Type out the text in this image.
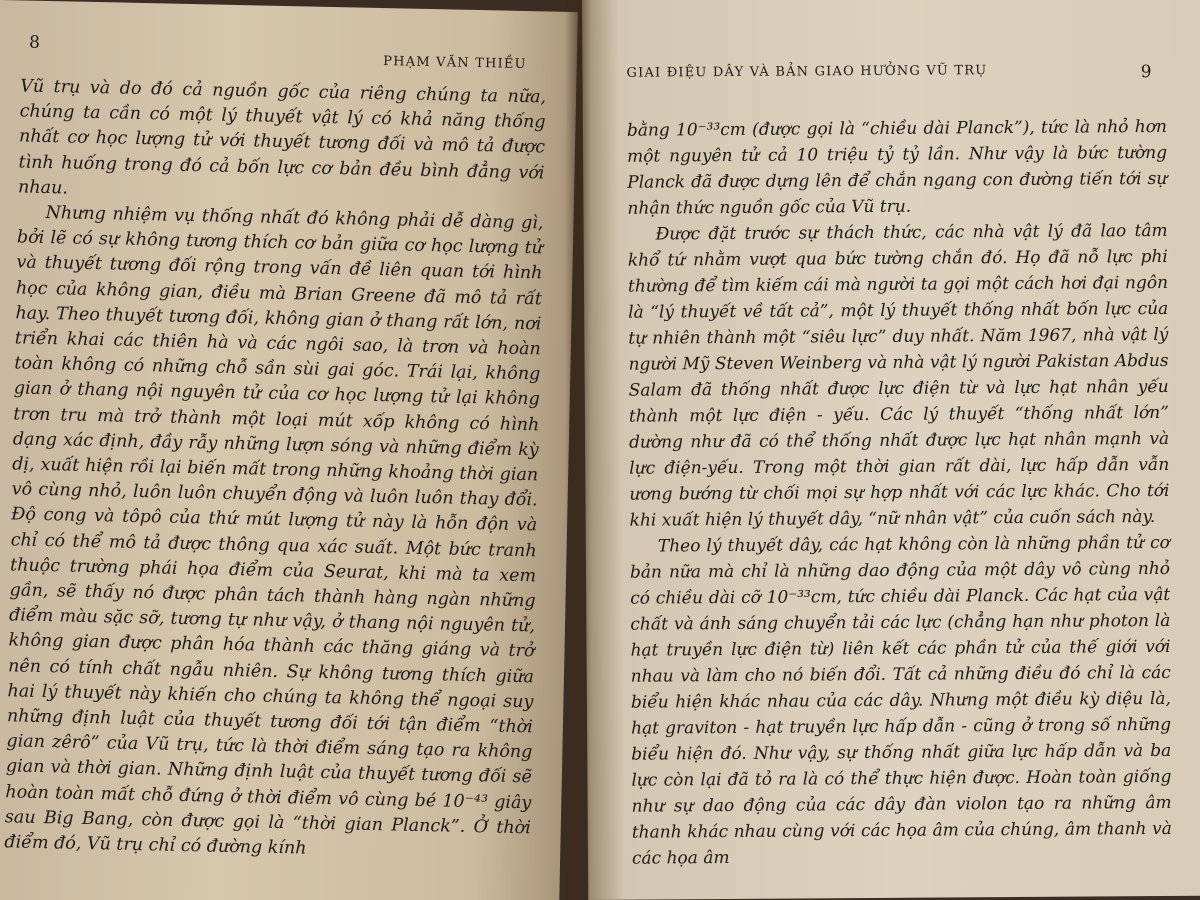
8
PHẠM VĂN THIỀU

Vũ trụ và do đó cả nguồn gốc của riêng chúng ta nữa, chúng ta cần có một lý thuyết vật lý có khả năng thống nhất cơ học lượng tử với thuyết tương đối và mô tả được tình huống trong đó cả bốn lực cơ bản đều bình đẳng với nhau.

Nhưng nhiệm vụ thống nhất đó không phải dễ dàng gì, bởi lẽ có sự không tương thích cơ bản giữa cơ học lượng tử và thuyết tương đối rộng trong vấn đề liên quan tới hình học của không gian, điều mà Brian Greene đã mô tả rất hay. Theo thuyết tương đối, không gian ở thang rất lớn, nơi triển khai các thiên hà và các ngôi sao, là trơn và hoàn toàn không có những chỗ sần sùi gai góc. Trái lại, không gian ở thang nội nguyên tử của cơ học lượng tử lại không trơn tru mà trở thành một loại mút xốp không có hình dạng xác định, đầy rẫy những lượn sóng và những điểm kỳ dị, xuất hiện rồi lại biến mất trong những khoảng thời gian vô cùng nhỏ, luôn luôn chuyển động và luôn luôn thay đổi. Độ cong và tôpô của thứ mút lượng tử này là hỗn độn và chỉ có thể mô tả được thông qua xác suất. Một bức tranh thuộc trường phái họa điểm của Seurat, khi mà ta xem gần, sẽ thấy nó được phân tách thành hàng ngàn những điểm màu sặc sỡ, tương tự như vậy, ở thang nội nguyên tử, không gian được phân hóa thành các thăng giáng và trở nên có tính chất ngẫu nhiên. Sự không tương thích giữa hai lý thuyết này khiến cho chúng ta không thể ngoại suy những định luật của thuyết tương đối tới tận điểm “thời gian zêrô” của Vũ trụ, tức là thời điểm sáng tạo ra không gian và thời gian. Những định luật của thuyết tương đối sẽ hoàn toàn mất chỗ đứng ở thời điểm vô cùng bé 10⁻⁴³ giây sau Big Bang, còn được gọi là “thời gian Planck”. Ở thời điểm đó, Vũ trụ chỉ có đường kính

GIAI ĐIỆU DÂY VÀ BẢN GIAO HƯỞNG VŨ TRỤ	9

bằng 10⁻³³cm (được gọi là “chiều dài Planck”), tức là nhỏ hơn một nguyên tử cả 10 triệu tỷ tỷ lần. Như vậy là bức tường Planck đã được dựng lên để chắn ngang con đường tiến tới sự nhận thức nguồn gốc của Vũ trụ.

Được đặt trước sự thách thức, các nhà vật lý đã lao tâm khổ tứ nhằm vượt qua bức tường chắn đó. Họ đã nỗ lực phi thường để tìm kiếm cái mà người ta gọi một cách hơi đại ngôn là “lý thuyết về tất cả”, một lý thuyết thống nhất bốn lực của tự nhiên thành một “siêu lực” duy nhất. Năm 1967, nhà vật lý người Mỹ Steven Weinberg và nhà vật lý người Pakistan Abdus Salam đã thống nhất được lực điện từ và lực hạt nhân yếu thành một lực điện - yếu. Các lý thuyết “thống nhất lớn” dường như đã có thể thống nhất được lực hạt nhân mạnh và lực điện-yếu. Trong một thời gian rất dài, lực hấp dẫn vẫn ương bướng từ chối mọi sự hợp nhất với các lực khác. Cho tới khi xuất hiện lý thuyết dây, “nữ nhân vật” của cuốn sách này.

Theo lý thuyết dây, các hạt không còn là những phần tử cơ bản nữa mà chỉ là những dao động của một dây vô cùng nhỏ có chiều dài cỡ 10⁻³³cm, tức chiều dài Planck. Các hạt của vật chất và ánh sáng chuyển tải các lực (chẳng hạn như photon là hạt truyền lực điện từ) liên kết các phần tử của thế giới với nhau và làm cho nó biến đổi. Tất cả những điều đó chỉ là các biểu hiện khác nhau của các dây. Nhưng một điều kỳ diệu là, hạt graviton - hạt truyền lực hấp dẫn - cũng ở trong số những biểu hiện đó. Như vậy, sự thống nhất giữa lực hấp dẫn và ba lực còn lại đã tỏ ra là có thể thực hiện được. Hoàn toàn giống như sự dao động của các dây đàn violon tạo ra những âm thanh khác nhau cùng với các họa âm của chúng, âm thanh và các họa âm
